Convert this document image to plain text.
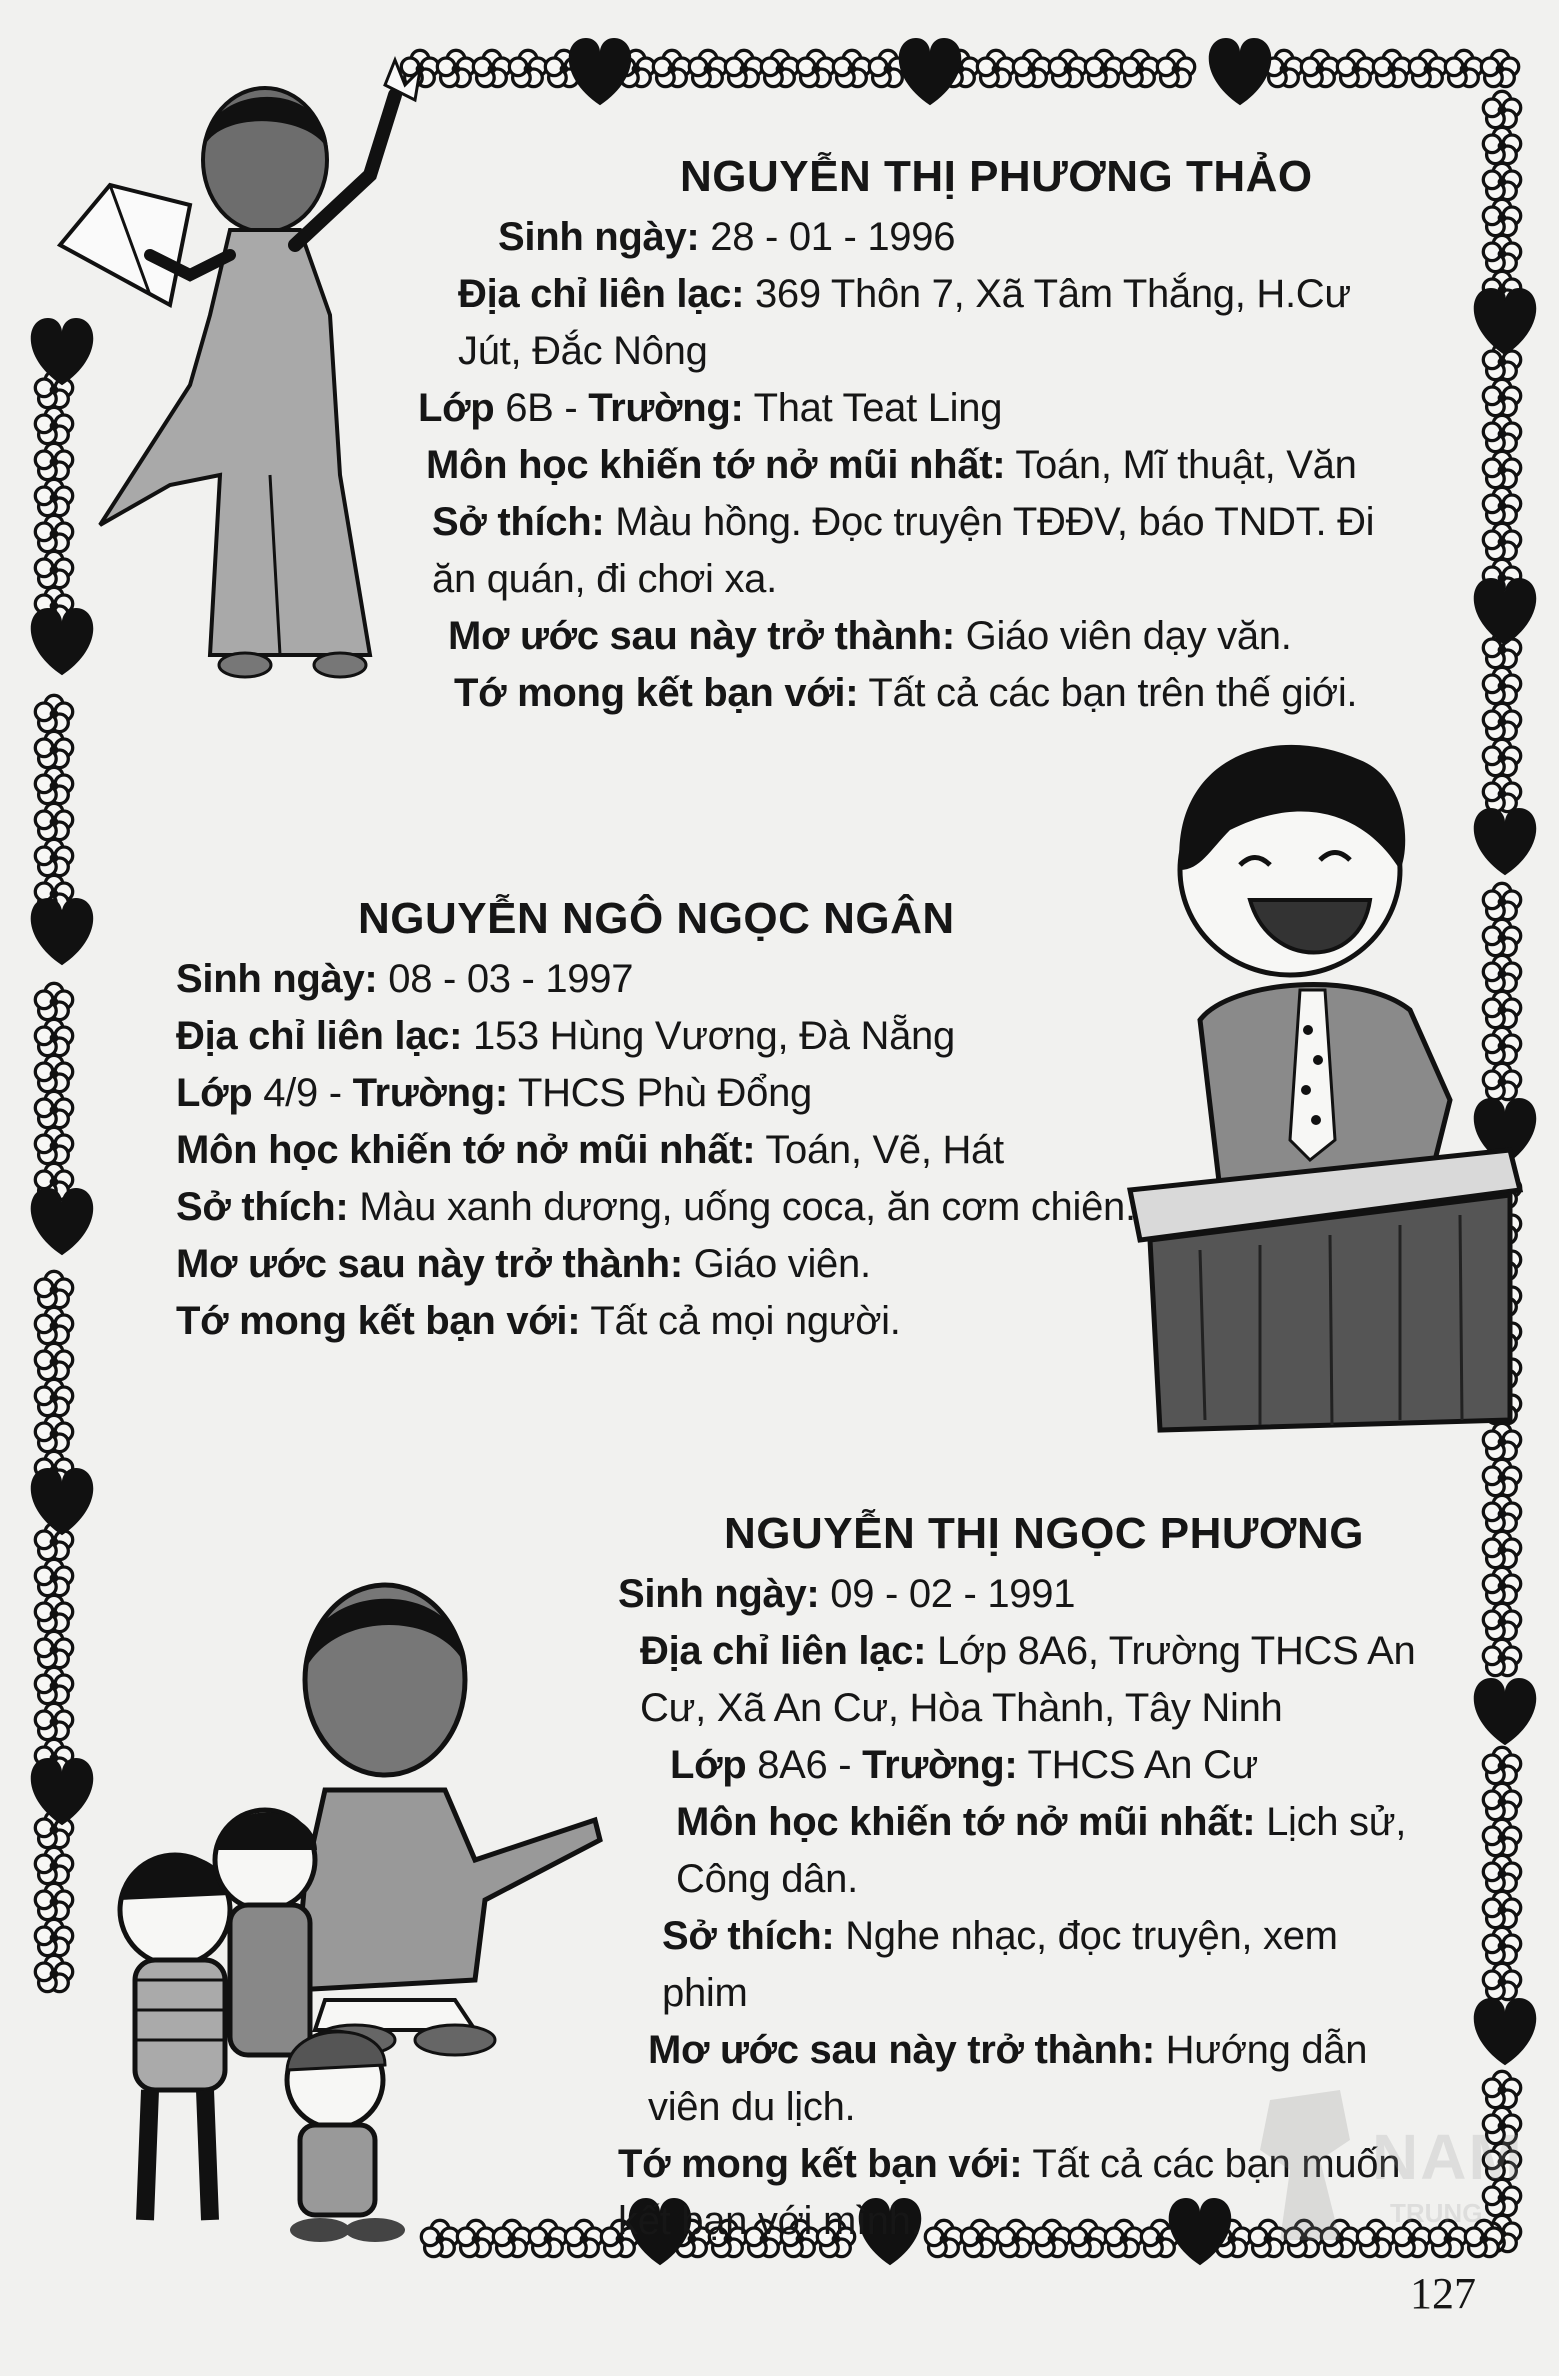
NGUYỄN THỊ PHƯƠNG THẢO
Sinh ngày: 28 - 01 - 1996
Địa chỉ liên lạc: 369 Thôn 7, Xã Tâm Thắng, H.Cư Jút, Đắc Nông
Lớp 6B - Trường: That Teat Ling
Môn học khiến tớ nở mũi nhất: Toán, Mĩ thuật, Văn
Sở thích: Màu hồng. Đọc truyện TĐĐV, báo TNDT. Đi ăn quán, đi chơi xa.
Mơ ước sau này trở thành: Giáo viên dạy văn.
Tớ mong kết bạn với: Tất cả các bạn trên thế giới.
NGUYỄN NGÔ NGỌC NGÂN
Sinh ngày: 08 - 03 - 1997
Địa chỉ liên lạc: 153 Hùng Vương, Đà Nẵng
Lớp 4/9 - Trường: THCS Phù Đổng
Môn học khiến tớ nở mũi nhất: Toán, Vẽ, Hát
Sở thích: Màu xanh dương, uống coca, ăn cơm chiên.
Mơ ước sau này trở thành: Giáo viên.
Tớ mong kết bạn với: Tất cả mọi người.
NGUYỄN THỊ NGỌC PHƯƠNG
Sinh ngày: 09 - 02 - 1991
Địa chỉ liên lạc: Lớp 8A6, Trường THCS An Cư, Xã An Cư, Hòa Thành, Tây Ninh
Lớp 8A6 - Trường: THCS An Cư
Môn học khiến tớ nở mũi nhất: Lịch sử, Công dân.
Sở thích: Nghe nhạc, đọc truyện, xem phim
Mơ ước sau này trở thành: Hướng dẫn viên du lịch.
Tớ mong kết bạn với: Tất cả các bạn muốn kết bạn với mình.
NAM
TRUNG
127
